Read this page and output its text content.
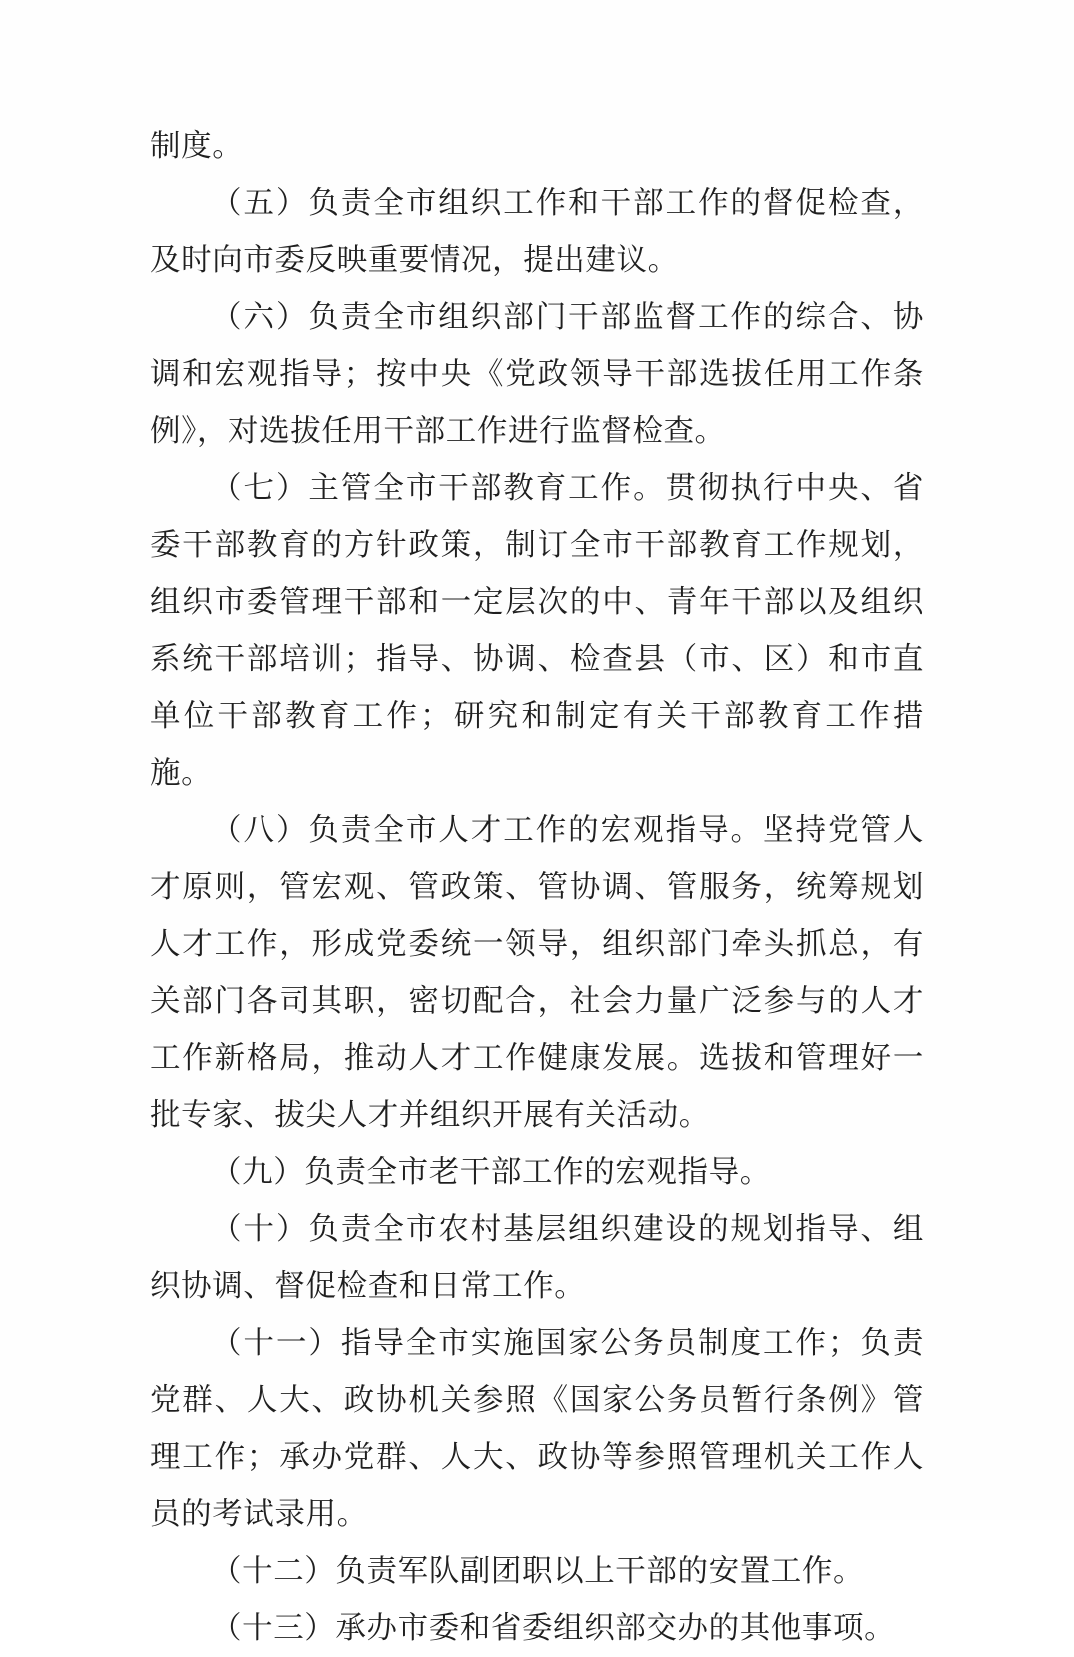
制度。

（五）负责全市组织工作和干部工作的督促检查，及时向市委反映重要情况，提出建议。

（六）负责全市组织部门干部监督工作的综合、协调和宏观指导；按中央《党政领导干部选拔任用工作条例》，对选拔任用干部工作进行监督检查。

（七）主管全市干部教育工作。贯彻执行中央、省委干部教育的方针政策，制订全市干部教育工作规划，组织市委管理干部和一定层次的中、青年干部以及组织系统干部培训；指导、协调、检查县（市、区）和市直单位干部教育工作；研究和制定有关干部教育工作措施。

（八）负责全市人才工作的宏观指导。坚持党管人才原则，管宏观、管政策、管协调、管服务，统筹规划人才工作，形成党委统一领导，组织部门牵头抓总，有关部门各司其职，密切配合，社会力量广泛参与的人才工作新格局，推动人才工作健康发展。选拔和管理好一批专家、拔尖人才并组织开展有关活动。

（九）负责全市老干部工作的宏观指导。

（十）负责全市农村基层组织建设的规划指导、组织协调、督促检查和日常工作。

（十一）指导全市实施国家公务员制度工作；负责党群、人大、政协机关参照《国家公务员暂行条例》管理工作；承办党群、人大、政协等参照管理机关工作人员的考试录用。

（十二）负责军队副团职以上干部的安置工作。

（十三）承办市委和省委组织部交办的其他事项。
